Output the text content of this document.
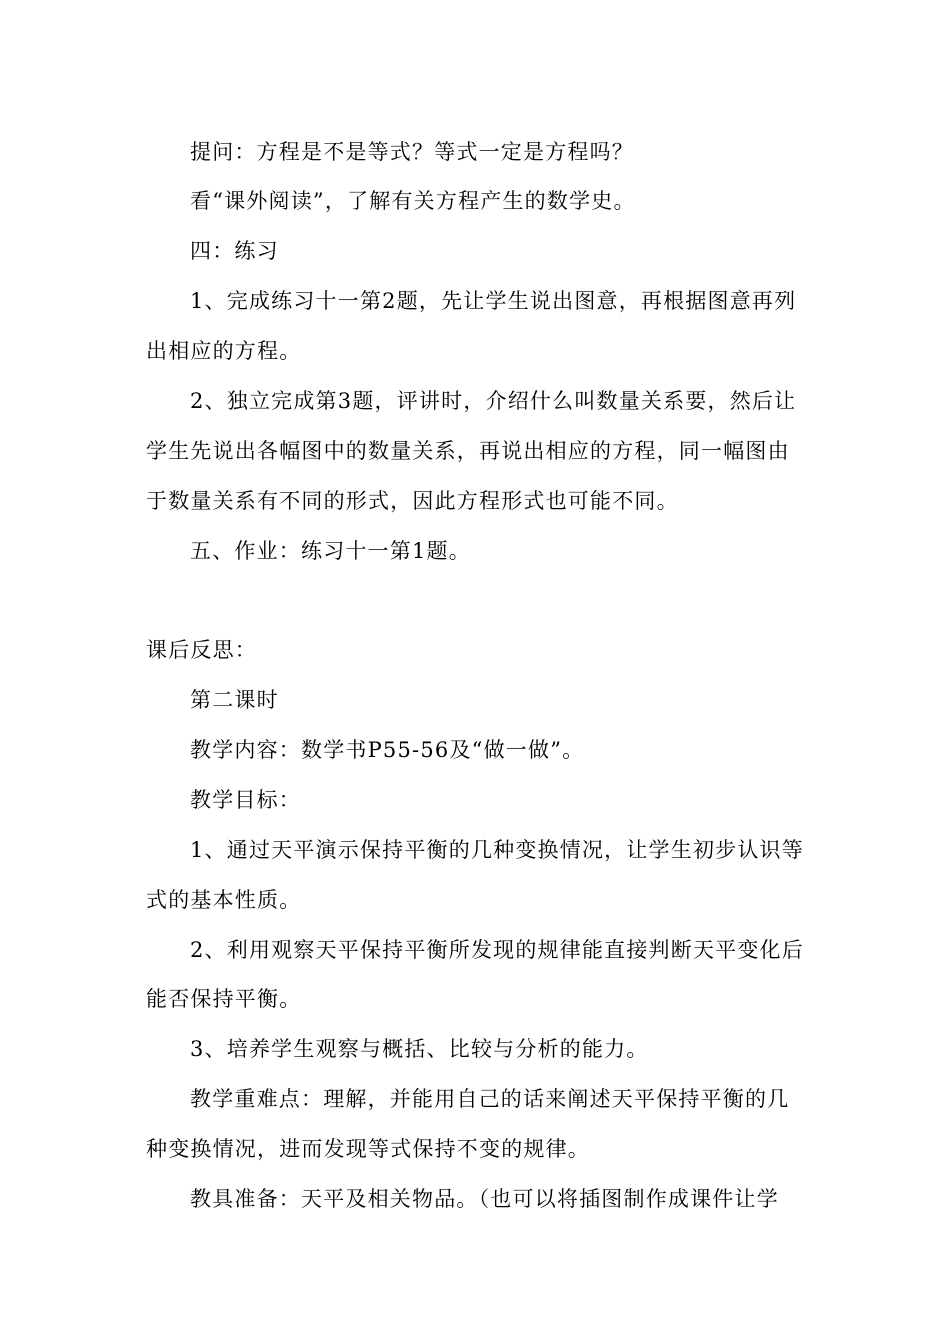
提问：方程是不是等式？等式一定是方程吗？
看“课外阅读”，了解有关方程产生的数学史。
四：练习
1、完成练习十一第2题，先让学生说出图意，再根据图意再列
出相应的方程。
2、独立完成第3题，评讲时，介绍什么叫数量关系要，然后让
学生先说出各幅图中的数量关系，再说出相应的方程，同一幅图由
于数量关系有不同的形式，因此方程形式也可能不同。
五、作业：练习十一第1题。
课后反思：
第二课时
教学内容：数学书P55-56及“做一做”。
教学目标：
1、通过天平演示保持平衡的几种变换情况，让学生初步认识等
式的基本性质。
2、利用观察天平保持平衡所发现的规律能直接判断天平变化后
能否保持平衡。
3、培养学生观察与概括、比较与分析的能力。
教学重难点：理解，并能用自己的话来阐述天平保持平衡的几
种变换情况，进而发现等式保持不变的规律。
教具准备：天平及相关物品。（也可以将插图制作成课件让学
